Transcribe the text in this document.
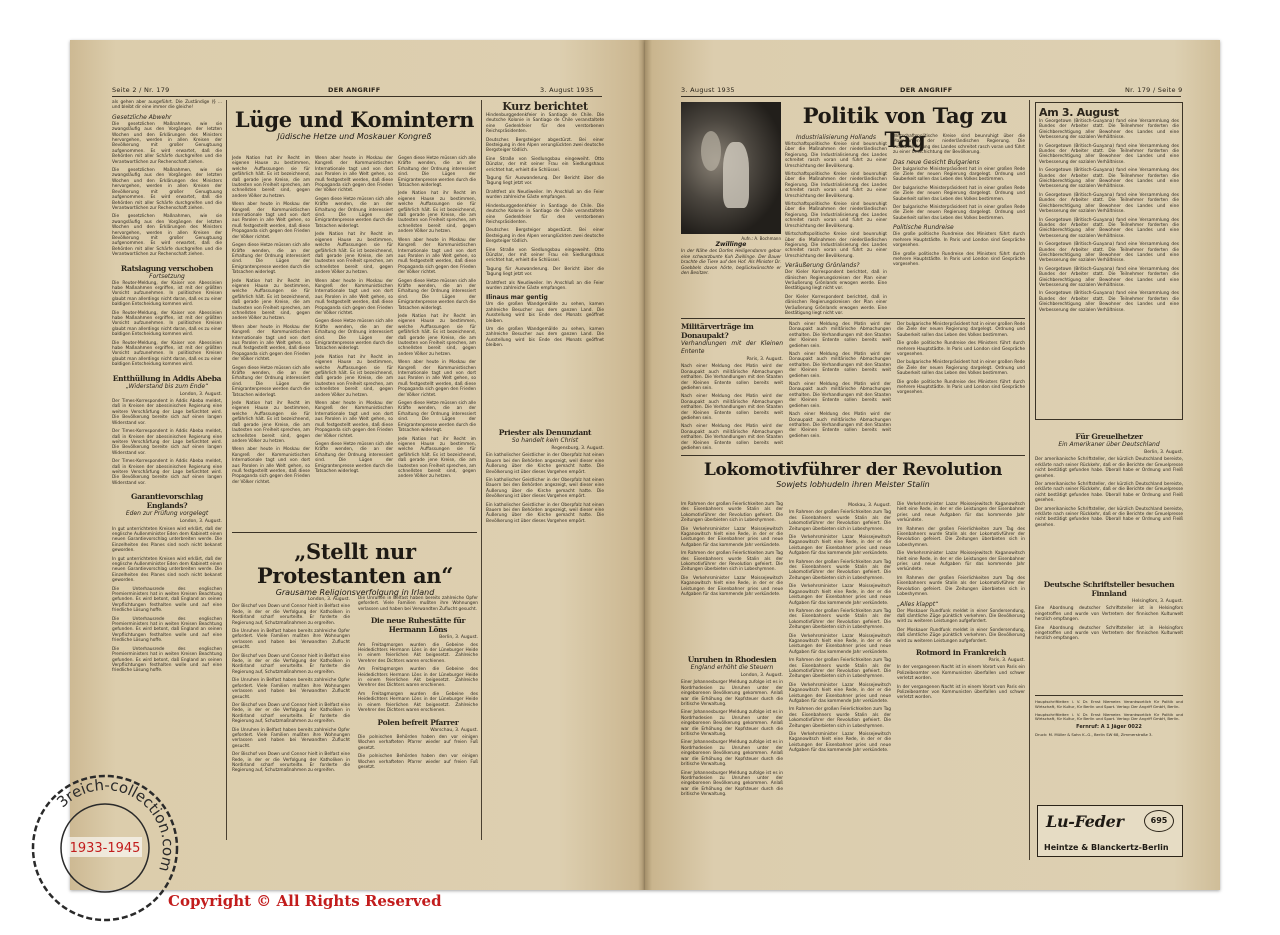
Seite 2 / Nr. 179	DER ANGRIFF	3. August 1935

als gehen aber ausgeführt. Die Zuständige (§ ... und bleibt dir eine immer die gleiche!

Gesetzliche Abwehr

Die gesetzlichen Maßnahmen, wie sie zwangsläufig aus den Vorgängen der letzten Wochen und den Erklärungen des Ministers hervorgehen, werden in allen Kreisen der Bevölkerung mit großer Genugtuung aufgenommen. Es wird erwartet, daß die Behörden mit aller Schärfe durchgreifen und die Verantwortlichen zur Rechenschaft ziehen.

Die gesetzlichen Maßnahmen, wie sie zwangsläufig aus den Vorgängen der letzten Wochen und den Erklärungen des Ministers hervorgehen, werden in allen Kreisen der Bevölkerung mit großer Genugtuung aufgenommen. Es wird erwartet, daß die Behörden mit aller Schärfe durchgreifen und die Verantwortlichen zur Rechenschaft ziehen.

Die gesetzlichen Maßnahmen, wie sie zwangsläufig aus den Vorgängen der letzten Wochen und den Erklärungen des Ministers hervorgehen, werden in allen Kreisen der Bevölkerung mit großer Genugtuung aufgenommen. Es wird erwartet, daß die Behörden mit aller Schärfe durchgreifen und die Verantwortlichen zur Rechenschaft ziehen.

Ratslagung verschoben
Fortsetzung

Die Reuter-Meldung, der Kaiser von Abessinien habe Maßnahmen ergriffen, ist mit der größten Vorsicht aufzunehmen. In politischen Kreisen glaubt man allerdings nicht daran, daß es zu einer baldigen Entscheidung kommen wird.

Die Reuter-Meldung, der Kaiser von Abessinien habe Maßnahmen ergriffen, ist mit der größten Vorsicht aufzunehmen. In politischen Kreisen glaubt man allerdings nicht daran, daß es zu einer baldigen Entscheidung kommen wird.

Die Reuter-Meldung, der Kaiser von Abessinien habe Maßnahmen ergriffen, ist mit der größten Vorsicht aufzunehmen. In politischen Kreisen glaubt man allerdings nicht daran, daß es zu einer baldigen Entscheidung kommen wird.

Entthüllung in Addis Abeba
„Widerstand bis zum Ende“
London, 3. August.

Der Times-Korrespondent in Addis Abeba meldet, daß in Kreisen der abessinischen Regierung eine weitere Verschärfung der Lage befürchtet wird. Die Bevölkerung bereite sich auf einen langen Widerstand vor.

Der Times-Korrespondent in Addis Abeba meldet, daß in Kreisen der abessinischen Regierung eine weitere Verschärfung der Lage befürchtet wird. Die Bevölkerung bereite sich auf einen langen Widerstand vor.

Der Times-Korrespondent in Addis Abeba meldet, daß in Kreisen der abessinischen Regierung eine weitere Verschärfung der Lage befürchtet wird. Die Bevölkerung bereite sich auf einen langen Widerstand vor.

Garantievorschlag Englands?
Eden zur Prüfung vorgelegt
London, 3. August.

In gut unterrichteten Kreisen wird erklärt, daß der englische Außenminister Eden dem Kabinett einen neuen Garantievorschlag unterbreiten werde. Die Einzelheiten des Planes sind noch nicht bekannt geworden.

In gut unterrichteten Kreisen wird erklärt, daß der englische Außenminister Eden dem Kabinett einen neuen Garantievorschlag unterbreiten werde. Die Einzelheiten des Planes sind noch nicht bekannt geworden.

Die Unterhausrede des englischen Premierministers hat in weiten Kreisen Beachtung gefunden. Es wird betont, daß England an seinen Verpflichtungen festhalten wolle und auf eine friedliche Lösung hoffe.

Die Unterhausrede des englischen Premierministers hat in weiten Kreisen Beachtung gefunden. Es wird betont, daß England an seinen Verpflichtungen festhalten wolle und auf eine friedliche Lösung hoffe.

Die Unterhausrede des englischen Premierministers hat in weiten Kreisen Beachtung gefunden. Es wird betont, daß England an seinen Verpflichtungen festhalten wolle und auf eine friedliche Lösung hoffe.

Lüge und Komintern
Jüdische Hetze und Moskauer Kongreß

Jede Nation hat ihr Recht im eigenen Hause zu bestimmen, welche Auffassungen sie für gefährlich hält. Es ist bezeichnend, daß gerade jene Kreise, die am lautesten von Freiheit sprechen, am schnellsten bereit sind, gegen andere Völker zu hetzen.

Wenn aber heute in Moskau der Kongreß der Kommunistischen Internationale tagt und von dort aus Parolen in alle Welt gehen, so muß festgestellt werden, daß diese Propaganda sich gegen den Frieden der Völker richtet.

Gegen diese Hetze müssen sich alle Kräfte wenden, die an der Erhaltung der Ordnung interessiert sind. Die Lügen der Emigrantenpresse werden durch die Tatsachen widerlegt.

Jede Nation hat ihr Recht im eigenen Hause zu bestimmen, welche Auffassungen sie für gefährlich hält. Es ist bezeichnend, daß gerade jene Kreise, die am lautesten von Freiheit sprechen, am schnellsten bereit sind, gegen andere Völker zu hetzen.

Wenn aber heute in Moskau der Kongreß der Kommunistischen Internationale tagt und von dort aus Parolen in alle Welt gehen, so muß festgestellt werden, daß diese Propaganda sich gegen den Frieden der Völker richtet.

Gegen diese Hetze müssen sich alle Kräfte wenden, die an der Erhaltung der Ordnung interessiert sind. Die Lügen der Emigrantenpresse werden durch die Tatsachen widerlegt.

Jede Nation hat ihr Recht im eigenen Hause zu bestimmen, welche Auffassungen sie für gefährlich hält. Es ist bezeichnend, daß gerade jene Kreise, die am lautesten von Freiheit sprechen, am schnellsten bereit sind, gegen andere Völker zu hetzen.

Wenn aber heute in Moskau der Kongreß der Kommunistischen Internationale tagt und von dort aus Parolen in alle Welt gehen, so muß festgestellt werden, daß diese Propaganda sich gegen den Frieden der Völker richtet.

Wenn aber heute in Moskau der Kongreß der Kommunistischen Internationale tagt und von dort aus Parolen in alle Welt gehen, so muß festgestellt werden, daß diese Propaganda sich gegen den Frieden der Völker richtet.

Gegen diese Hetze müssen sich alle Kräfte wenden, die an der Erhaltung der Ordnung interessiert sind. Die Lügen der Emigrantenpresse werden durch die Tatsachen widerlegt.

Jede Nation hat ihr Recht im eigenen Hause zu bestimmen, welche Auffassungen sie für gefährlich hält. Es ist bezeichnend, daß gerade jene Kreise, die am lautesten von Freiheit sprechen, am schnellsten bereit sind, gegen andere Völker zu hetzen.

Wenn aber heute in Moskau der Kongreß der Kommunistischen Internationale tagt und von dort aus Parolen in alle Welt gehen, so muß festgestellt werden, daß diese Propaganda sich gegen den Frieden der Völker richtet.

Gegen diese Hetze müssen sich alle Kräfte wenden, die an der Erhaltung der Ordnung interessiert sind. Die Lügen der Emigrantenpresse werden durch die Tatsachen widerlegt.

Jede Nation hat ihr Recht im eigenen Hause zu bestimmen, welche Auffassungen sie für gefährlich hält. Es ist bezeichnend, daß gerade jene Kreise, die am lautesten von Freiheit sprechen, am schnellsten bereit sind, gegen andere Völker zu hetzen.

Wenn aber heute in Moskau der Kongreß der Kommunistischen Internationale tagt und von dort aus Parolen in alle Welt gehen, so muß festgestellt werden, daß diese Propaganda sich gegen den Frieden der Völker richtet.

Gegen diese Hetze müssen sich alle Kräfte wenden, die an der Erhaltung der Ordnung interessiert sind. Die Lügen der Emigrantenpresse werden durch die Tatsachen widerlegt.

Gegen diese Hetze müssen sich alle Kräfte wenden, die an der Erhaltung der Ordnung interessiert sind. Die Lügen der Emigrantenpresse werden durch die Tatsachen widerlegt.

Jede Nation hat ihr Recht im eigenen Hause zu bestimmen, welche Auffassungen sie für gefährlich hält. Es ist bezeichnend, daß gerade jene Kreise, die am lautesten von Freiheit sprechen, am schnellsten bereit sind, gegen andere Völker zu hetzen.

Wenn aber heute in Moskau der Kongreß der Kommunistischen Internationale tagt und von dort aus Parolen in alle Welt gehen, so muß festgestellt werden, daß diese Propaganda sich gegen den Frieden der Völker richtet.

Gegen diese Hetze müssen sich alle Kräfte wenden, die an der Erhaltung der Ordnung interessiert sind. Die Lügen der Emigrantenpresse werden durch die Tatsachen widerlegt.

Jede Nation hat ihr Recht im eigenen Hause zu bestimmen, welche Auffassungen sie für gefährlich hält. Es ist bezeichnend, daß gerade jene Kreise, die am lautesten von Freiheit sprechen, am schnellsten bereit sind, gegen andere Völker zu hetzen.

Wenn aber heute in Moskau der Kongreß der Kommunistischen Internationale tagt und von dort aus Parolen in alle Welt gehen, so muß festgestellt werden, daß diese Propaganda sich gegen den Frieden der Völker richtet.

Gegen diese Hetze müssen sich alle Kräfte wenden, die an der Erhaltung der Ordnung interessiert sind. Die Lügen der Emigrantenpresse werden durch die Tatsachen widerlegt.

Jede Nation hat ihr Recht im eigenen Hause zu bestimmen, welche Auffassungen sie für gefährlich hält. Es ist bezeichnend, daß gerade jene Kreise, die am lautesten von Freiheit sprechen, am schnellsten bereit sind, gegen andere Völker zu hetzen.

Kurz berichtet

Hindenburggedenkfeier in Santiago de Chile. Die deutsche Kolonie in Santiago de Chile veranstaltete eine Gedenkfeier für den verstorbenen Reichspräsidenten.

Deutsches Bergsteiger abgestürzt. Bei einer Besteigung in den Alpen verunglückten zwei deutsche Bergsteiger tödlich.

Eine Straße von Siedlungsbau eingeweiht. Otto Dünzlar, der mit seiner Frau ein Siedlungshaus errichtet hat, erhielt die Schlüssel.

Tagung für Auswanderung. Der Bericht über die Tagung liegt jetzt vor.

Drahtfest als Neudiweiler. Im Anschluß an die Feier wurden zahlreiche Gäste empfangen.

Hindenburggedenkfeier in Santiago de Chile. Die deutsche Kolonie in Santiago de Chile veranstaltete eine Gedenkfeier für den verstorbenen Reichspräsidenten.

Deutsches Bergsteiger abgestürzt. Bei einer Besteigung in den Alpen verunglückten zwei deutsche Bergsteiger tödlich.

Eine Straße von Siedlungsbau eingeweiht. Otto Dünzlar, der mit seiner Frau ein Siedlungshaus errichtet hat, erhielt die Schlüssel.

Tagung für Auswanderung. Der Bericht über die Tagung liegt jetzt vor.

Drahtfest als Neudiweiler. Im Anschluß an die Feier wurden zahlreiche Gäste empfangen.

Ilinaus mar gentig

Um die großen Wandgemälde zu sehen, kamen zahlreiche Besucher aus dem ganzen Land. Die Ausstellung wird bis Ende des Monats geöffnet bleiben.

Um die großen Wandgemälde zu sehen, kamen zahlreiche Besucher aus dem ganzen Land. Die Ausstellung wird bis Ende des Monats geöffnet bleiben.

Priester als Denunziant
So handelt kein Christ
Regensburg, 3. August.

Ein katholischer Geistlicher in der Oberpfalz hat einen Bauern bei den Behörden angezeigt, weil dieser eine Äußerung über die Kirche gemacht hatte. Die Bevölkerung ist über dieses Vorgehen empört.

Ein katholischer Geistlicher in der Oberpfalz hat einen Bauern bei den Behörden angezeigt, weil dieser eine Äußerung über die Kirche gemacht hatte. Die Bevölkerung ist über dieses Vorgehen empört.

Ein katholischer Geistlicher in der Oberpfalz hat einen Bauern bei den Behörden angezeigt, weil dieser eine Äußerung über die Kirche gemacht hatte. Die Bevölkerung ist über dieses Vorgehen empört.

„Stellt nur Protestanten an“
Grausame Religionsverfolgung in Irland
London, 3. August.

Der Bischof von Down und Connor hielt in Belfast eine Rede, in der er die Verfolgung der Katholiken in Nordirland scharf verurteilte. Er forderte die Regierung auf, Schutzmaßnahmen zu ergreifen.

Die Unruhen in Belfast haben bereits zahlreiche Opfer gefordert. Viele Familien mußten ihre Wohnungen verlassen und haben bei Verwandten Zuflucht gesucht.

Der Bischof von Down und Connor hielt in Belfast eine Rede, in der er die Verfolgung der Katholiken in Nordirland scharf verurteilte. Er forderte die Regierung auf, Schutzmaßnahmen zu ergreifen.

Die Unruhen in Belfast haben bereits zahlreiche Opfer gefordert. Viele Familien mußten ihre Wohnungen verlassen und haben bei Verwandten Zuflucht gesucht.

Der Bischof von Down und Connor hielt in Belfast eine Rede, in der er die Verfolgung der Katholiken in Nordirland scharf verurteilte. Er forderte die Regierung auf, Schutzmaßnahmen zu ergreifen.

Die Unruhen in Belfast haben bereits zahlreiche Opfer gefordert. Viele Familien mußten ihre Wohnungen verlassen und haben bei Verwandten Zuflucht gesucht.

Der Bischof von Down und Connor hielt in Belfast eine Rede, in der er die Verfolgung der Katholiken in Nordirland scharf verurteilte. Er forderte die Regierung auf, Schutzmaßnahmen zu ergreifen.

Die Unruhen in Belfast haben bereits zahlreiche Opfer gefordert. Viele Familien mußten ihre Wohnungen verlassen und haben bei Verwandten Zuflucht gesucht.

Die neue Ruhestätte für Hermann Löns
Berlin, 3. August.

Am Freitagmorgen wurden die Gebeine des Heidedichters Hermann Löns in der Lüneburger Heide in einem feierlichen Akt beigesetzt. Zahlreiche Verehrer des Dichters waren erschienen.

Am Freitagmorgen wurden die Gebeine des Heidedichters Hermann Löns in der Lüneburger Heide in einem feierlichen Akt beigesetzt. Zahlreiche Verehrer des Dichters waren erschienen.

Am Freitagmorgen wurden die Gebeine des Heidedichters Hermann Löns in der Lüneburger Heide in einem feierlichen Akt beigesetzt. Zahlreiche Verehrer des Dichters waren erschienen.

Polen befreit Pfarrer
Warschau, 3. August.

Die polnischen Behörden haben den vor einigen Wochen verhafteten Pfarrer wieder auf freien Fuß gesetzt.

Die polnischen Behörden haben den vor einigen Wochen verhafteten Pfarrer wieder auf freien Fuß gesetzt.

3. August 1935	DER ANGRIFF	Nr. 179 / Seite 9
Aufn.: A. Bochmann
Zwillinge
In der Nähe des Dorfes Heiligendamm gebar eine schwarzbunte Kuh Zwillinge. Der Bauer brachte die Tiere auf den Hof. Als Minister Dr. Goebbels davon hörte, beglückwünschte er den Besitzer.
Politik von Tag zu Tag
Industrialisierung Hollands

Wirtschaftspolitische Kreise sind beunruhigt über die Maßnahmen der niederländischen Regierung. Die Industrialisierung des Landes schreitet rasch voran und führt zu einer Umschichtung der Bevölkerung.

Wirtschaftspolitische Kreise sind beunruhigt über die Maßnahmen der niederländischen Regierung. Die Industrialisierung des Landes schreitet rasch voran und führt zu einer Umschichtung der Bevölkerung.

Wirtschaftspolitische Kreise sind beunruhigt über die Maßnahmen der niederländischen Regierung. Die Industrialisierung des Landes schreitet rasch voran und führt zu einer Umschichtung der Bevölkerung.

Wirtschaftspolitische Kreise sind beunruhigt über die Maßnahmen der niederländischen Regierung. Die Industrialisierung des Landes schreitet rasch voran und führt zu einer Umschichtung der Bevölkerung.

Veräußerung Grönlands?

Der Kieler Korrespondent berichtet, daß in dänischen Regierungskreisen der Plan einer Veräußerung Grönlands erwogen werde. Eine Bestätigung liegt nicht vor.

Der Kieler Korrespondent berichtet, daß in dänischen Regierungskreisen der Plan einer Veräußerung Grönlands erwogen werde. Eine Bestätigung liegt nicht vor.

Wirtschaftspolitische Kreise sind beunruhigt über die Maßnahmen der niederländischen Regierung. Die Industrialisierung des Landes schreitet rasch voran und führt zu einer Umschichtung der Bevölkerung.

Das neue Gesicht Bulgariens

Der bulgarische Ministerpräsident hat in einer großen Rede die Ziele der neuen Regierung dargelegt. Ordnung und Sauberkeit sollen das Leben des Volkes bestimmen.

Der bulgarische Ministerpräsident hat in einer großen Rede die Ziele der neuen Regierung dargelegt. Ordnung und Sauberkeit sollen das Leben des Volkes bestimmen.

Der bulgarische Ministerpräsident hat in einer großen Rede die Ziele der neuen Regierung dargelegt. Ordnung und Sauberkeit sollen das Leben des Volkes bestimmen.

Politische Rundreise

Die große politische Rundreise des Ministers führt durch mehrere Hauptstädte. In Paris und London sind Gespräche vorgesehen.

Die große politische Rundreise des Ministers führt durch mehrere Hauptstädte. In Paris und London sind Gespräche vorgesehen.

Militärverträge im Donaupakt?
Verhandlungen mit der Kleinen Entente
Paris, 3. August.

Nach einer Meldung des Matin wird der Donaupakt auch militärische Abmachungen enthalten. Die Verhandlungen mit den Staaten der Kleinen Entente sollen bereits weit gediehen sein.

Nach einer Meldung des Matin wird der Donaupakt auch militärische Abmachungen enthalten. Die Verhandlungen mit den Staaten der Kleinen Entente sollen bereits weit gediehen sein.

Nach einer Meldung des Matin wird der Donaupakt auch militärische Abmachungen enthalten. Die Verhandlungen mit den Staaten der Kleinen Entente sollen bereits weit gediehen sein.

Nach einer Meldung des Matin wird der Donaupakt auch militärische Abmachungen enthalten. Die Verhandlungen mit den Staaten der Kleinen Entente sollen bereits weit gediehen sein.

Nach einer Meldung des Matin wird der Donaupakt auch militärische Abmachungen enthalten. Die Verhandlungen mit den Staaten der Kleinen Entente sollen bereits weit gediehen sein.

Nach einer Meldung des Matin wird der Donaupakt auch militärische Abmachungen enthalten. Die Verhandlungen mit den Staaten der Kleinen Entente sollen bereits weit gediehen sein.

Nach einer Meldung des Matin wird der Donaupakt auch militärische Abmachungen enthalten. Die Verhandlungen mit den Staaten der Kleinen Entente sollen bereits weit gediehen sein.

Der bulgarische Ministerpräsident hat in einer großen Rede die Ziele der neuen Regierung dargelegt. Ordnung und Sauberkeit sollen das Leben des Volkes bestimmen.

Die große politische Rundreise des Ministers führt durch mehrere Hauptstädte. In Paris und London sind Gespräche vorgesehen.

Der bulgarische Ministerpräsident hat in einer großen Rede die Ziele der neuen Regierung dargelegt. Ordnung und Sauberkeit sollen das Leben des Volkes bestimmen.

Die große politische Rundreise des Ministers führt durch mehrere Hauptstädte. In Paris und London sind Gespräche vorgesehen.

Lokomotivführer der Revolution
Sowjets lobhudeln ihren Meister Stalin

Im Rahmen der großen Feierlichkeiten zum Tag des Eisenbahners wurde Stalin als der Lokomotivführer der Revolution gefeiert. Die Zeitungen überbieten sich in Lobeshymnen.

Die Verkehrsminister Lazar Moissejewitsch Kaganowitsch hielt eine Rede, in der er die Leistungen der Eisenbahner pries und neue Aufgaben für das kommende Jahr verkündete.

Im Rahmen der großen Feierlichkeiten zum Tag des Eisenbahners wurde Stalin als der Lokomotivführer der Revolution gefeiert. Die Zeitungen überbieten sich in Lobeshymnen.

Die Verkehrsminister Lazar Moissejewitsch Kaganowitsch hielt eine Rede, in der er die Leistungen der Eisenbahner pries und neue Aufgaben für das kommende Jahr verkündete.

Moskau, 3. August.

Im Rahmen der großen Feierlichkeiten zum Tag des Eisenbahners wurde Stalin als der Lokomotivführer der Revolution gefeiert. Die Zeitungen überbieten sich in Lobeshymnen.

Die Verkehrsminister Lazar Moissejewitsch Kaganowitsch hielt eine Rede, in der er die Leistungen der Eisenbahner pries und neue Aufgaben für das kommende Jahr verkündete.

Im Rahmen der großen Feierlichkeiten zum Tag des Eisenbahners wurde Stalin als der Lokomotivführer der Revolution gefeiert. Die Zeitungen überbieten sich in Lobeshymnen.

Die Verkehrsminister Lazar Moissejewitsch Kaganowitsch hielt eine Rede, in der er die Leistungen der Eisenbahner pries und neue Aufgaben für das kommende Jahr verkündete.

Im Rahmen der großen Feierlichkeiten zum Tag des Eisenbahners wurde Stalin als der Lokomotivführer der Revolution gefeiert. Die Zeitungen überbieten sich in Lobeshymnen.

Die Verkehrsminister Lazar Moissejewitsch Kaganowitsch hielt eine Rede, in der er die Leistungen der Eisenbahner pries und neue Aufgaben für das kommende Jahr verkündete.

Im Rahmen der großen Feierlichkeiten zum Tag des Eisenbahners wurde Stalin als der Lokomotivführer der Revolution gefeiert. Die Zeitungen überbieten sich in Lobeshymnen.

Die Verkehrsminister Lazar Moissejewitsch Kaganowitsch hielt eine Rede, in der er die Leistungen der Eisenbahner pries und neue Aufgaben für das kommende Jahr verkündete.

Im Rahmen der großen Feierlichkeiten zum Tag des Eisenbahners wurde Stalin als der Lokomotivführer der Revolution gefeiert. Die Zeitungen überbieten sich in Lobeshymnen.

Die Verkehrsminister Lazar Moissejewitsch Kaganowitsch hielt eine Rede, in der er die Leistungen der Eisenbahner pries und neue Aufgaben für das kommende Jahr verkündete.

Die Verkehrsminister Lazar Moissejewitsch Kaganowitsch hielt eine Rede, in der er die Leistungen der Eisenbahner pries und neue Aufgaben für das kommende Jahr verkündete.

Im Rahmen der großen Feierlichkeiten zum Tag des Eisenbahners wurde Stalin als der Lokomotivführer der Revolution gefeiert. Die Zeitungen überbieten sich in Lobeshymnen.

Die Verkehrsminister Lazar Moissejewitsch Kaganowitsch hielt eine Rede, in der er die Leistungen der Eisenbahner pries und neue Aufgaben für das kommende Jahr verkündete.

Im Rahmen der großen Feierlichkeiten zum Tag des Eisenbahners wurde Stalin als der Lokomotivführer der Revolution gefeiert. Die Zeitungen überbieten sich in Lobeshymnen.

„Alles klappt“

Der Moskauer Rundfunk meldet in einer Sondersendung, daß sämtliche Züge pünktlich verkehren. Die Bevölkerung wird zu weiteren Leistungen aufgefordert.

Der Moskauer Rundfunk meldet in einer Sondersendung, daß sämtliche Züge pünktlich verkehren. Die Bevölkerung wird zu weiteren Leistungen aufgefordert.

Rotmord in Frankreich
Paris, 3. August.

In der vergangenen Nacht ist in einem Vorort von Paris ein Polizeibeamter von Kommunisten überfallen und schwer verletzt worden.

In der vergangenen Nacht ist in einem Vorort von Paris ein Polizeibeamter von Kommunisten überfallen und schwer verletzt worden.

Unruhen in Rhodesien
England erhöht die Steuern
London, 3. August.

Einer Johannesburger Meldung zufolge ist es in Nordrhodesien zu Unruhen unter der eingeborenen Bevölkerung gekommen. Anlaß war die Erhöhung der Kopfsteuer durch die britische Verwaltung.

Einer Johannesburger Meldung zufolge ist es in Nordrhodesien zu Unruhen unter der eingeborenen Bevölkerung gekommen. Anlaß war die Erhöhung der Kopfsteuer durch die britische Verwaltung.

Einer Johannesburger Meldung zufolge ist es in Nordrhodesien zu Unruhen unter der eingeborenen Bevölkerung gekommen. Anlaß war die Erhöhung der Kopfsteuer durch die britische Verwaltung.

Einer Johannesburger Meldung zufolge ist es in Nordrhodesien zu Unruhen unter der eingeborenen Bevölkerung gekommen. Anlaß war die Erhöhung der Kopfsteuer durch die britische Verwaltung.

Am 3. August

In Georgetown (Britisch-Guayana) fand eine Versammlung des Bundes der Arbeiter statt. Die Teilnehmer forderten die Gleichberechtigung aller Bewohner des Landes und eine Verbesserung der sozialen Verhältnisse.

In Georgetown (Britisch-Guayana) fand eine Versammlung des Bundes der Arbeiter statt. Die Teilnehmer forderten die Gleichberechtigung aller Bewohner des Landes und eine Verbesserung der sozialen Verhältnisse.

In Georgetown (Britisch-Guayana) fand eine Versammlung des Bundes der Arbeiter statt. Die Teilnehmer forderten die Gleichberechtigung aller Bewohner des Landes und eine Verbesserung der sozialen Verhältnisse.

In Georgetown (Britisch-Guayana) fand eine Versammlung des Bundes der Arbeiter statt. Die Teilnehmer forderten die Gleichberechtigung aller Bewohner des Landes und eine Verbesserung der sozialen Verhältnisse.

In Georgetown (Britisch-Guayana) fand eine Versammlung des Bundes der Arbeiter statt. Die Teilnehmer forderten die Gleichberechtigung aller Bewohner des Landes und eine Verbesserung der sozialen Verhältnisse.

In Georgetown (Britisch-Guayana) fand eine Versammlung des Bundes der Arbeiter statt. Die Teilnehmer forderten die Gleichberechtigung aller Bewohner des Landes und eine Verbesserung der sozialen Verhältnisse.

In Georgetown (Britisch-Guayana) fand eine Versammlung des Bundes der Arbeiter statt. Die Teilnehmer forderten die Gleichberechtigung aller Bewohner des Landes und eine Verbesserung der sozialen Verhältnisse.

In Georgetown (Britisch-Guayana) fand eine Versammlung des Bundes der Arbeiter statt. Die Teilnehmer forderten die Gleichberechtigung aller Bewohner des Landes und eine Verbesserung der sozialen Verhältnisse.

Für Greuelhetzer
Ein Amerikaner über Deutschland
Berlin, 3. August.

Der amerikanische Schriftsteller, der kürzlich Deutschland bereiste, erklärte nach seiner Rückkehr, daß er die Berichte der Greuelpresse nicht bestätigt gefunden habe. Überall habe er Ordnung und Fleiß gesehen.

Der amerikanische Schriftsteller, der kürzlich Deutschland bereiste, erklärte nach seiner Rückkehr, daß er die Berichte der Greuelpresse nicht bestätigt gefunden habe. Überall habe er Ordnung und Fleiß gesehen.

Der amerikanische Schriftsteller, der kürzlich Deutschland bereiste, erklärte nach seiner Rückkehr, daß er die Berichte der Greuelpresse nicht bestätigt gefunden habe. Überall habe er Ordnung und Fleiß gesehen.

Deutsche Schriftsteller besuchen Finnland
Helsingfors, 3. August.

Eine Abordnung deutscher Schriftsteller ist in Helsingfors eingetroffen und wurde von Vertretern der finnischen Kulturwelt herzlich empfangen.

Eine Abordnung deutscher Schriftsteller ist in Helsingfors eingetroffen und wurde von Vertretern der finnischen Kulturwelt herzlich empfangen.

Hauptschriftleiter: i. V. Dr. Ernst Niemeier. Verantwortlich für Politik und Wirtschaft, für Kultur, für Berlin und Sport. Verlag: Der Angriff GmbH, Berlin.

Hauptschriftleiter: i. V. Dr. Ernst Niemeier. Verantwortlich für Politik und Wirtschaft, für Kultur, für Berlin und Sport. Verlag: Der Angriff GmbH, Berlin.

Fernruf: A 1 Jäger 0022

Druck: M. Müller & Sohn K.-G., Berlin SW 68, Zimmerstraße 3.

Lu-Feder	695
Heintze & Blanckertz-Berlin
3reich-collection.com
1933-1945
Copyright © All Rights Reserved
